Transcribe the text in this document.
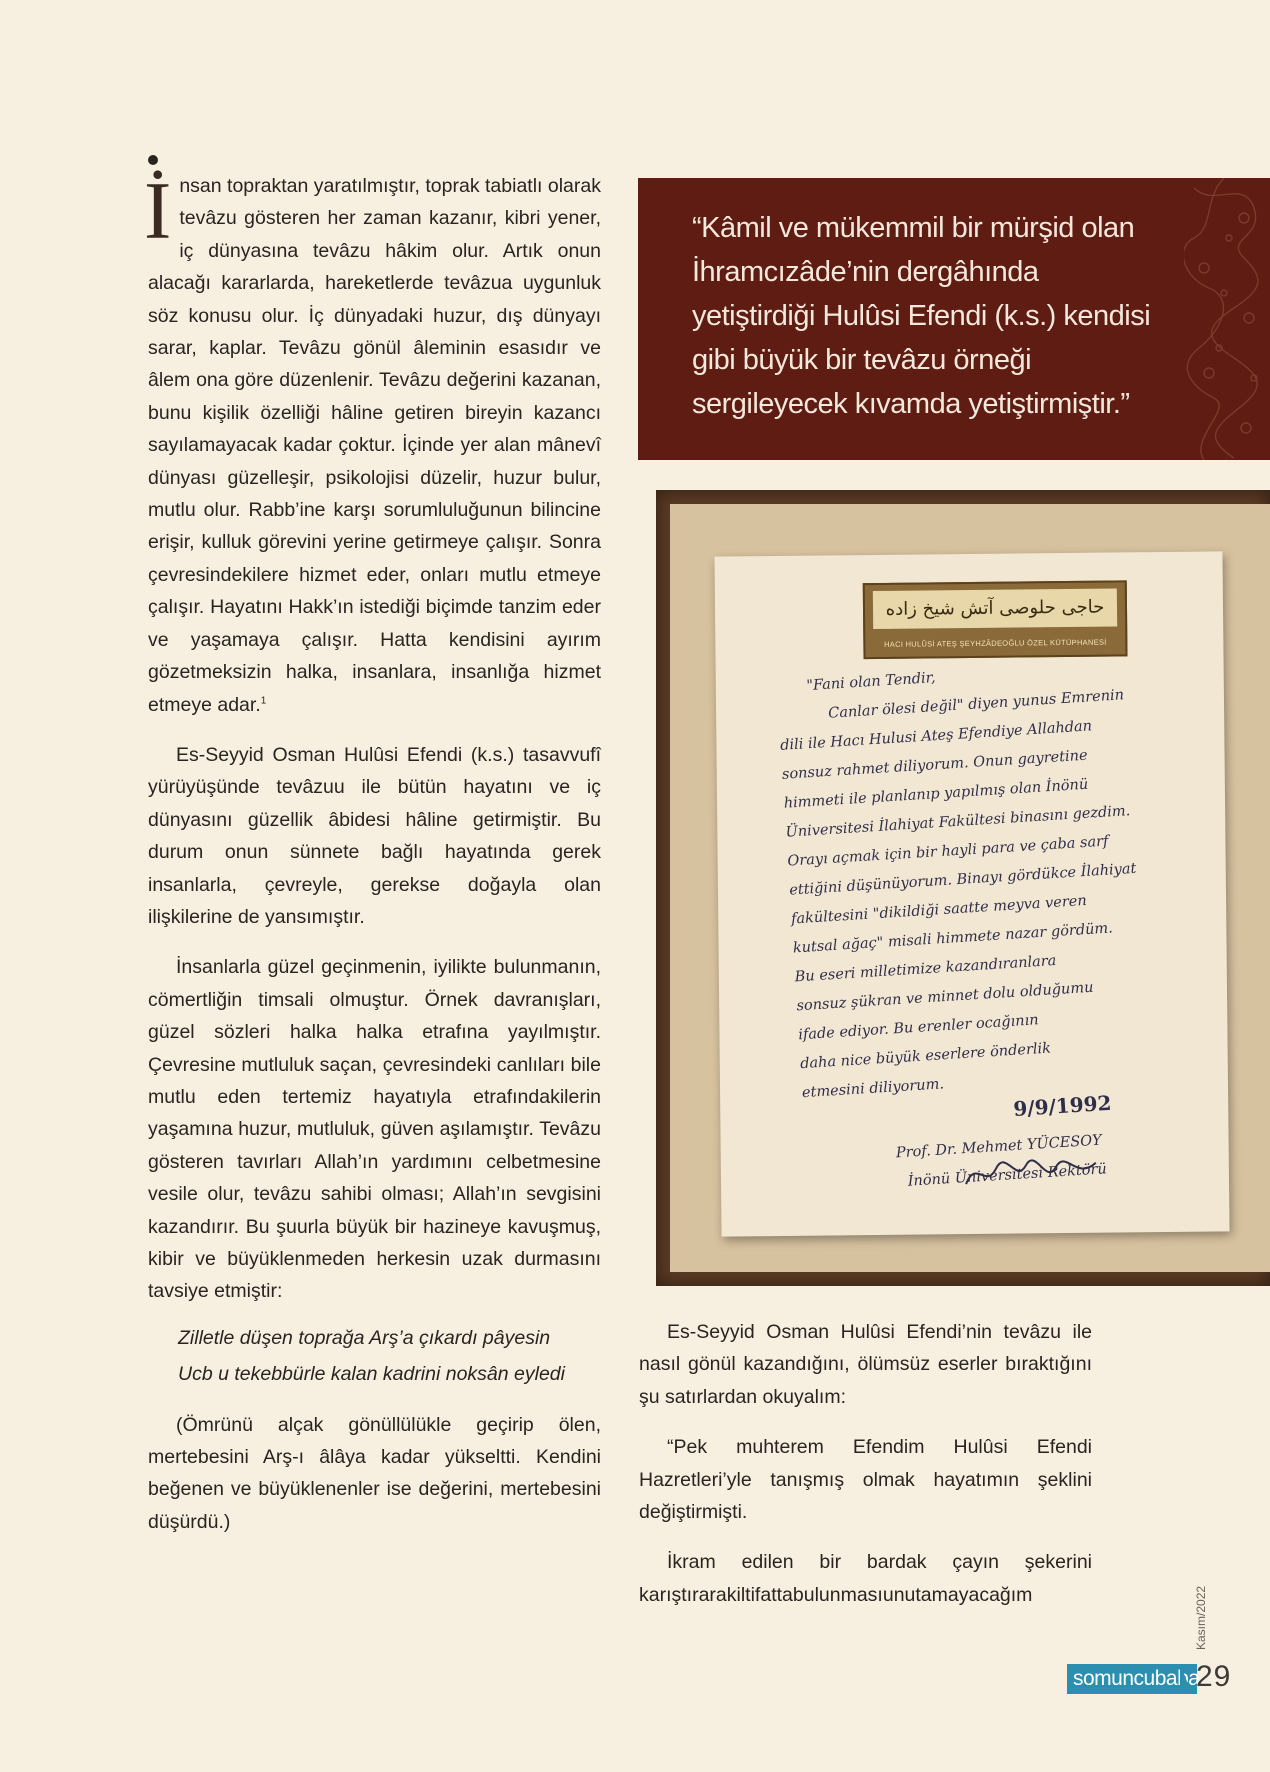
İnsan topraktan yaratılmıştır, toprak tabiatlı olarak tevâzu gösteren her zaman kazanır, kibri yener, iç dünyasına tevâzu hâkim olur. Artık onun alacağı kararlarda, hareketlerde tevâzua uygunluk söz konusu olur. İç dünyadaki huzur, dış dünyayı sarar, kaplar. Tevâzu gönül âleminin esasıdır ve âlem ona göre düzenlenir. Tevâzu değerini kazanan, bunu kişilik özelliği hâline getiren bireyin kazancı sayılamayacak kadar çoktur. İçinde yer alan mânevî dünyası güzelleşir, psikolojisi düzelir, huzur bulur, mutlu olur. Rabb’ine karşı sorumluluğunun bilincine erişir, kulluk görevini yerine getirmeye çalışır. Sonra çevresindekilere hizmet eder, onları mutlu etmeye çalışır. Hayatını Hakk’ın istediği biçimde tanzim eder ve yaşamaya çalışır. Hatta kendisini ayırım gözetmeksizin halka, insanlara, insanlığa hizmet etmeye adar.$^1$

Es-Seyyid Osman Hulûsi Efendi (k.s.) tasavvufî yürüyüşünde tevâzuu ile bütün hayatını ve iç dünyasını güzellik âbidesi hâline getirmiştir. Bu durum onun sünnete bağlı hayatında gerek insanlarla, çevreyle, gerekse doğayla olan ilişkilerine de yansımıştır.

İnsanlarla güzel geçinmenin, iyilikte bulunmanın, cömertliğin timsali olmuştur. Örnek davranışları, güzel sözleri halka halka etrafına yayılmıştır. Çevresine mutluluk saçan, çevresindeki canlıları bile mutlu eden tertemiz hayatıyla etrafındakilerin yaşamına huzur, mutluluk, güven aşılamıştır. Tevâzu gösteren tavırları Allah’ın yardımını celbetmesine vesile olur, tevâzu sahibi olması; Allah’ın sevgisini kazandırır. Bu şuurla büyük bir hazineye kavuşmuş, kibir ve büyüklenmeden herkesin uzak durmasını tavsiye etmiştir:

Zilletle düşen toprağa Arş’a çıkardı pâyesin

Ucb u tekebbürle kalan kadrini noksân eyledi

(Ömrünü alçak gönüllülükle geçirip ölen, mertebesini Arş-ı âlâya kadar yükseltti. Kendini beğenen ve büyüklenenler ise değerini, mertebesini düşürdü.)

“Kâmil ve mükemmil bir mürşid olan İhramcızâde’nin dergâhında yetiştirdiği Hulûsi Efendi (k.s.) kendisi gibi büyük bir tevâzu örneği sergileyecek kıvamda yetiştirmiştir.”
حاجی حلوصی آتش شیخ زاده
HACI HULÛSİ ATEŞ ŞEYHZÂDEOĞLU ÖZEL KÜTÜPHANESİ
"Fani olan Tendir,
Canlar ölesi değil" diyen yunus Emrenin
dili ile Hacı Hulusi Ateş Efendiye Allahdan
sonsuz rahmet diliyorum. Onun gayretine
himmeti ile planlanıp yapılmış olan İnönü
Üniversitesi İlahiyat Fakültesi binasını gezdim.
Orayı açmak için bir hayli para ve çaba sarf
ettiğini düşünüyorum. Binayı gördükce İlahiyat
fakültesini "dikildiği saatte meyva veren
kutsal ağaç" misali himmete nazar gördüm.
Bu eseri milletimize kazandıranlara
sonsuz şükran ve minnet dolu olduğumu
ifade ediyor. Bu erenler ocağının
daha nice büyük eserlere önderlik
etmesini diliyorum.
9/9/1992
Prof. Dr. Mehmet YÜCESOY
İnönü Üniversitesi Rektörü

Es-Seyyid Osman Hulûsi Efendi’nin tevâzu ile nasıl gönül kazandığını, ölümsüz eserler bıraktığını şu satırlardan okuyalım:

“Pek muhterem Efendim Hulûsi Efendi Hazretleri’yle tanışmış olmak hayatımın şeklini değiştirmişti.

İkram edilen bir bardak çayın şekerini karıştırarakiltifattabulunmasıunutamayacağım	Kasım/2022
somuncubaba
29
